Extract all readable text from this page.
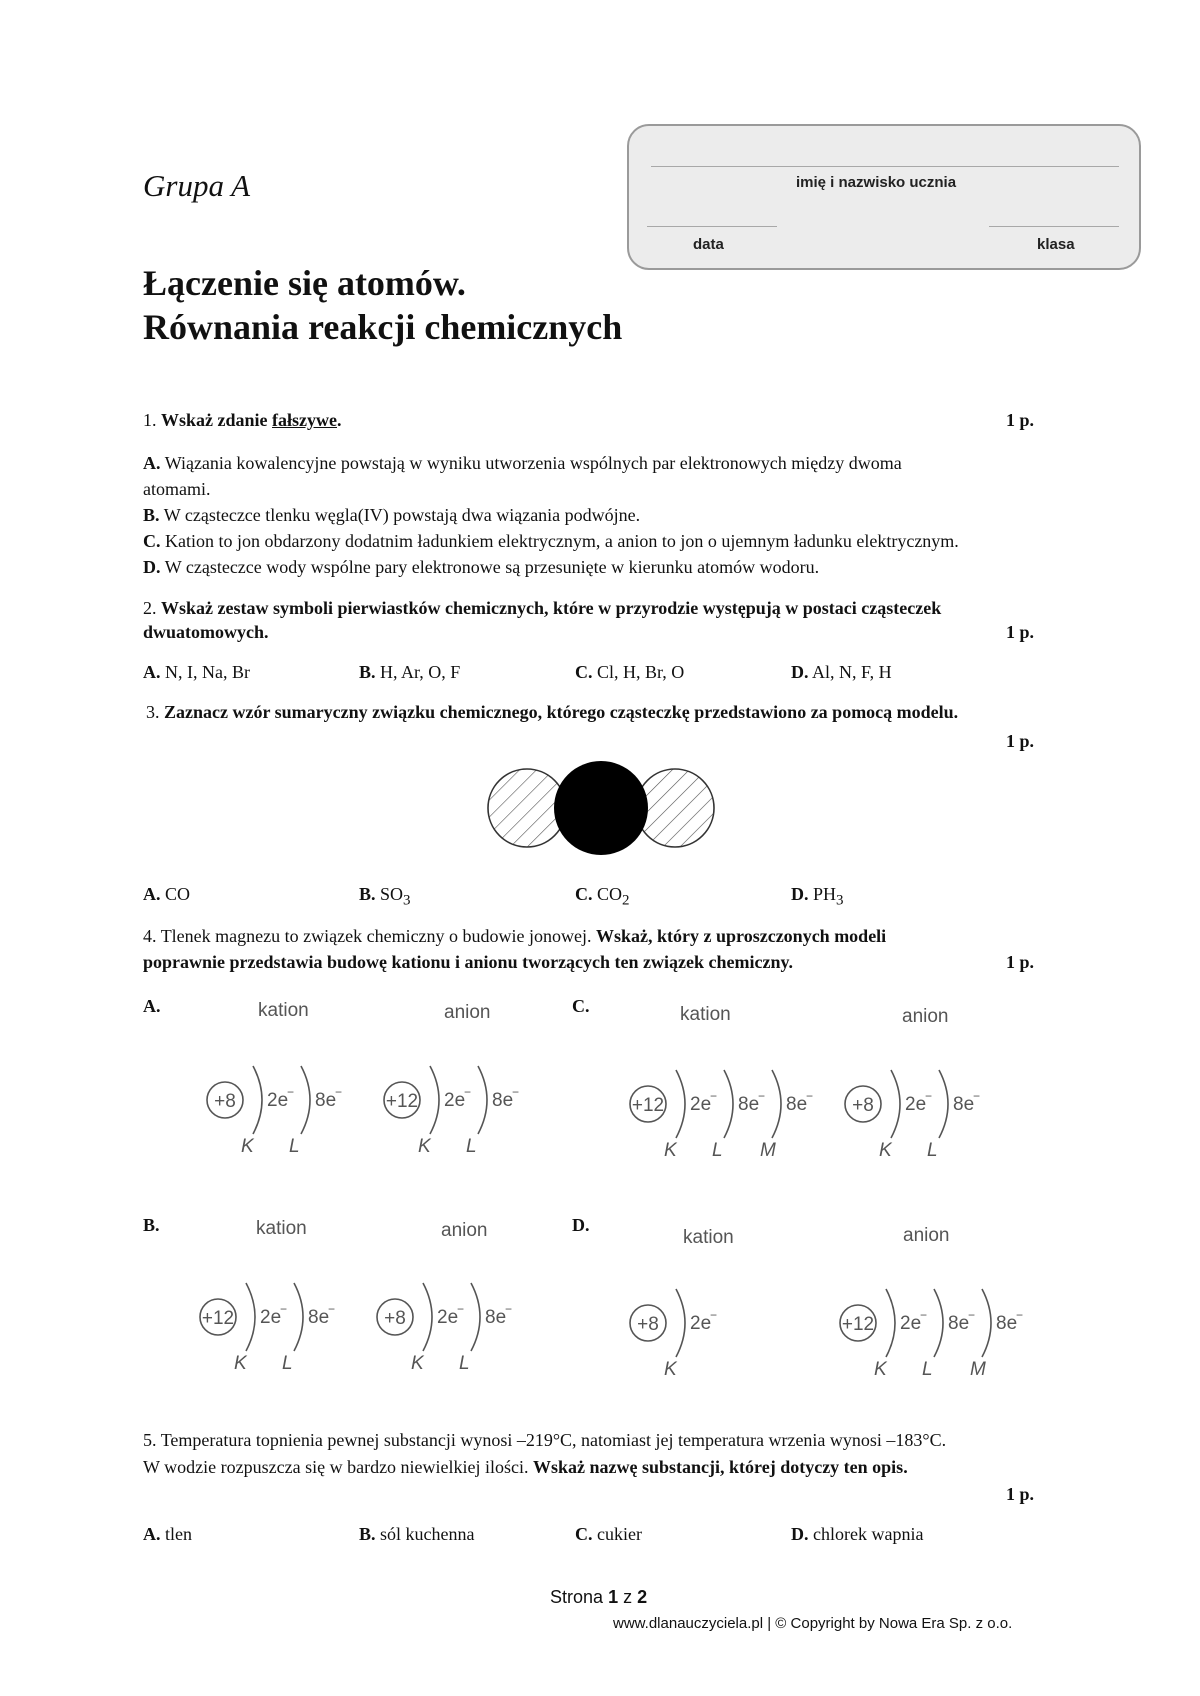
Grupa A	imię i nazwisko ucznia
data	klasa
Łączenie się atomów.
Równania reakcji chemicznych
1. Wskaż zdanie fałszywe.	1 p.
A. Wiązania kowalencyjne powstają w wyniku utworzenia wspólnych par elektronowych między dwoma
atomami.
B. W cząsteczce tlenku węgla(IV) powstają dwa wiązania podwójne.
C. Kation to jon obdarzony dodatnim ładunkiem elektrycznym, a anion to jon o ujemnym ładunku elektrycznym.
D. W cząsteczce wody wspólne pary elektronowe są przesunięte w kierunku atomów wodoru.
2. Wskaż zestaw symboli pierwiastków chemicznych, które w przyrodzie występują w postaci cząsteczek
dwuatomowych.	1 p.
A. N, I, Na, Br	B. H, Ar, O, F	C. Cl, H, Br, O	D. Al, N, F, H
3. Zaznacz wzór sumaryczny związku chemicznego, którego cząsteczkę przedstawiono za pomocą modelu.
1 p.
A. CO	B. $SO_3$	C. $CO_2$	D. $PH_3$
4. Tlenek magnezu to związek chemiczny o budowie jonowej. Wskaż, który z uproszczonych modeli
poprawnie przedstawia budowę kationu i anionu tworzących ten związek chemiczny.	1 p.
A.	C.
B.	D.
kation	anion
+8 2e
−
K
8e
−
L
+12 2e
−
K
8e
−
L
kation	anion
+12 2e
−
K
8e
−
L
+8 2e
−
K
8e
−
L
kation	anion
+12 2e
−
K
8e
−
L
8e
−
M
+8 2e
−
K
8e
−
L
kation	anion
+8 2e
−
K
+12 2e
−
K
8e
−
L
8e
−
M
5. Temperatura topnienia pewnej substancji wynosi –219°C, natomiast jej temperatura wrzenia wynosi –183°C.
W wodzie rozpuszcza się w bardzo niewielkiej ilości. Wskaż nazwę substancji, której dotyczy ten opis.
1 p.
A. tlen	B. sól kuchenna	C. cukier	D. chlorek wapnia
Strona 1 z 2
www.dlanauczyciela.pl | © Copyright by Nowa Era Sp. z o.o.
